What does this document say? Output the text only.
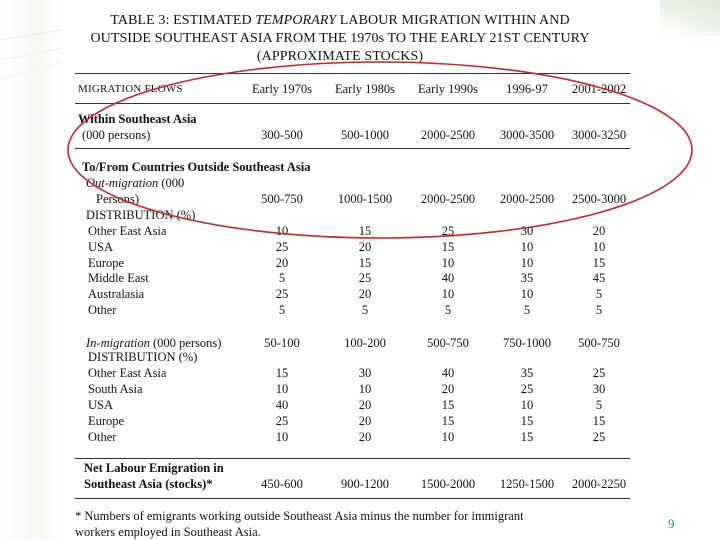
TABLE 3: ESTIMATED TEMPORARY LABOUR MIGRATION WITHIN AND
OUTSIDE SOUTHEAST ASIA FROM THE 1970s TO THE EARLY 21ST CENTURY
(APPROXIMATE STOCKS)
MIGRATION FLOWS	Early 1970s	Early 1980s	Early 1990s	1996-97	2001-2002
Within Southeast Asia
(000 persons)	300-500	500-1000	2000-2500	3000-3500	3000-3250
To/From Countries Outside Southeast Asia
Out-migration (000
Persons)	500-750	1000-1500	2000-2500	2000-2500	2500-3000
DISTRIBUTION (%)
Other East Asia	10	15	25	30	20
USA	25	20	15	10	10
Europe	20	15	10	10	15
Middle East	5	25	40	35	45
Australasia	25	20	10	10	5
Other	5	5	5	5	5
In-migration (000 persons)	50-100	100-200	500-750	750-1000	500-750
DISTRIBUTION (%)
Other East Asia	15	30	40	35	25
South Asia	10	10	20	25	30
USA	40	20	15	10	5
Europe	25	20	15	15	15
Other	10	20	10	15	25
Net Labour Emigration in
Southeast Asia (stocks)*	450-600	900-1200	1500-2000	1250-1500	2000-2250
* Numbers of emigrants working outside Southeast Asia minus the number for immigrant
workers employed in Southeast Asia.
9
